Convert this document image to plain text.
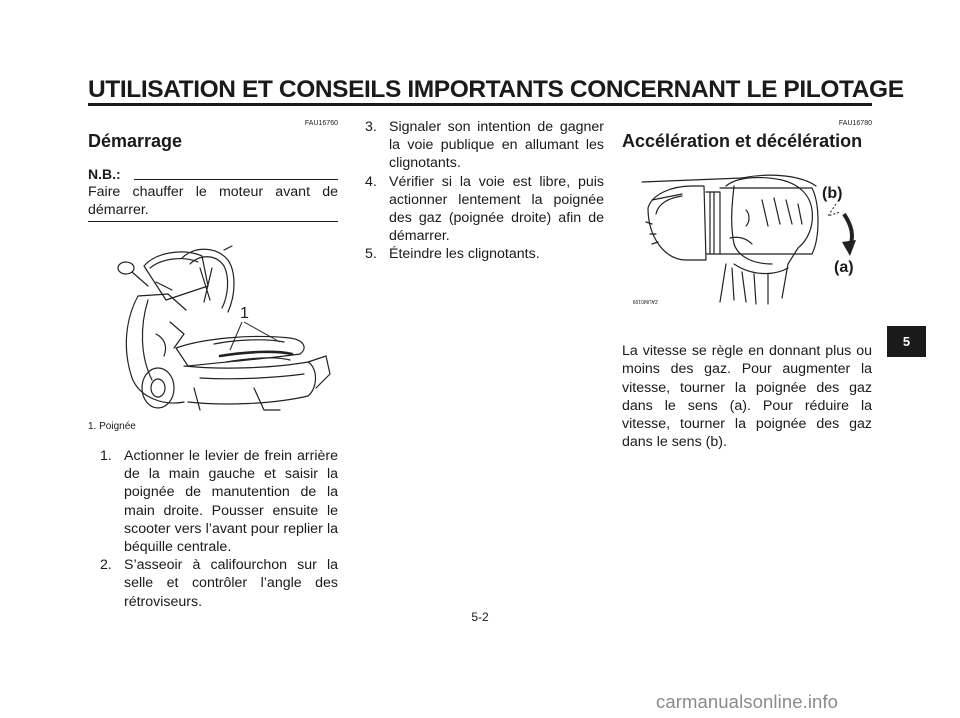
UTILISATION ET CONSEILS IMPORTANTS CONCERNANT LE PILOTAGE
FAU16760
Démarrage
N.B.:
Faire chauffer le moteur avant de démarrer.
1
1. Poignée
1. Actionner le levier de frein arrière de la main gauche et saisir la poignée de manutention de la main droite. Pousser ensuite le scooter vers l’avant pour replier la béquille centrale.
2. S’asseoir à califourchon sur la selle et contrôler l’angle des rétroviseurs.
3. Signaler son intention de gagner la voie publique en allumant les clignotants.
4. Vérifier si la voie est libre, puis actionner lentement la poignée des gaz (poignée droite) afin de démarrer.
5. Éteindre les clignotants.
FAU16780
Accélération et décélération
(b)
(a)
ZAUM0199
La vitesse se règle en donnant plus ou moins des gaz. Pour augmenter la vitesse, tourner la poignée des gaz dans le sens (a). Pour réduire la vitesse, tourner la poignée des gaz dans le sens (b).
5
5-2
carmanualsonline.info
